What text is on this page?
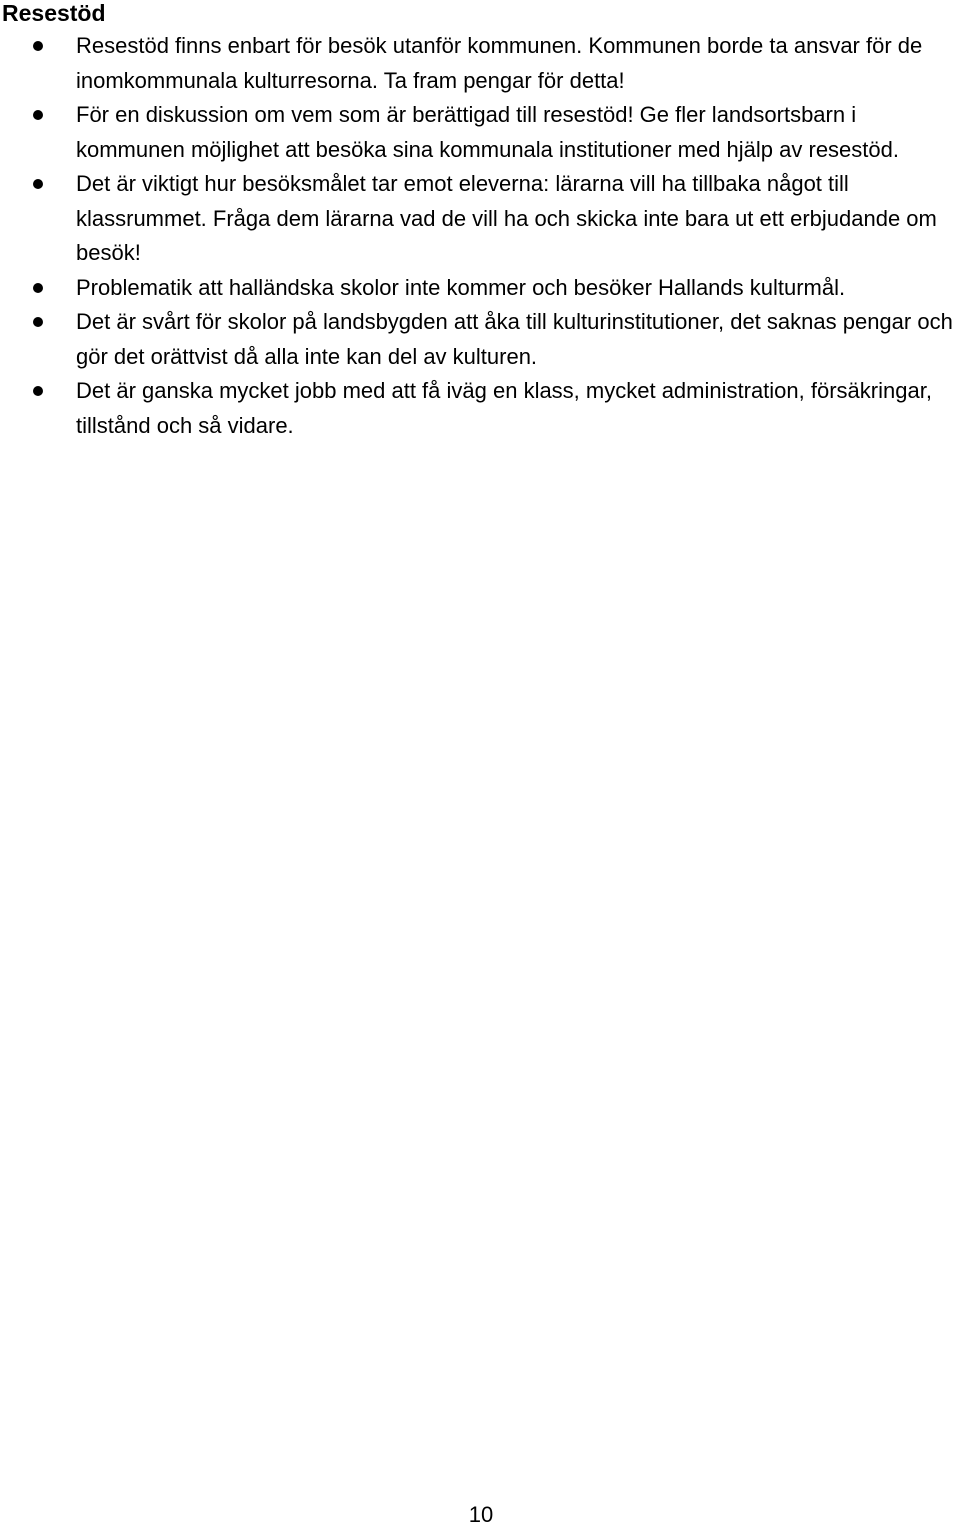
Resestöd
Resestöd finns enbart för besök utanför kommunen. Kommunen borde ta ansvar för de inomkommunala kulturresorna. Ta fram pengar för detta!
För en diskussion om vem som är berättigad till resestöd! Ge fler landsortsbarn i kommunen möjlighet att besöka sina kommunala institutioner med hjälp av resestöd.
Det är viktigt hur besöksmålet tar emot eleverna: lärarna vill ha tillbaka något till klassrummet. Fråga dem lärarna vad de vill ha och skicka inte bara ut ett erbjudande om besök!
Problematik att halländska skolor inte kommer och besöker Hallands kulturmål.
Det är svårt för skolor på landsbygden att åka till kulturinstitutioner, det saknas pengar och gör det orättvist då alla inte kan del av kulturen.
Det är ganska mycket jobb med att få iväg en klass, mycket administration, försäkringar, tillstånd och så vidare.
10
